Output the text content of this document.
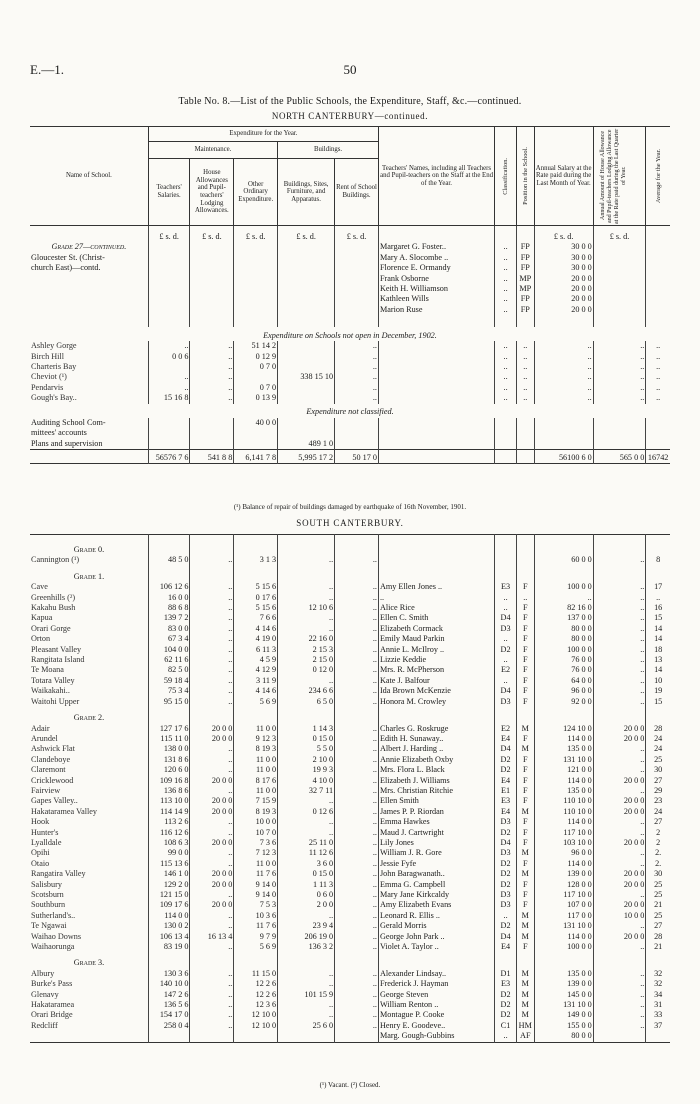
E.—1.	50
Table No. 8.—List of the Public Schools, the Expenditure, Staff, &c.—continued.
NORTH CANTERBURY—continued.
Name of School.	Expenditure for the Year.					Teachers' Names, including all Teachers and Pupil-teachers on the Staff at the End of the Year.	Classification.	Position in the School.	Annual Salary at the Rate paid during the Last Month of Year.	Annual Amount of House Allowance and Pupil-teachers Lodging Allowance at the Rate paid during the Last Quarter of Year.	Average for the Year.

	Maintenance.			Buildings.							
	Teachers' Salaries.	House Allowances and Pupil-teachers' Lodging Allowances.	Other Ordinary Expenditure.	Buildings, Sites, Furniture, and Apparatus.	Rent of School Buildings.						

	£ s. d.	£ s. d.	£ s. d.	£ s. d.	£ s. d.				£ s. d.	£ s. d.	
Grade 27—continued.						Margaret G. Foster..	..	FP	30 0 0		
Gloucester St. (Christ-						Mary A. Slocombe ..	..	FP	30 0 0		
church East)—contd.						Florence E. Ormandy	..	FP	30 0 0		
						Frank Osborne	..	MP	20 0 0		
						Keith H. Williamson	..	MP	20 0 0		
						Kathleen Wills	..	FP	20 0 0		
						Marion Ruse	..	FP	20 0 0		

Expenditure on Schools not open in December, 1902.											
Ashley Gorge	..	..	51 14 2		..		..	..	..	..	..
Birch Hill	0 0 6	..	0 12 9		..		..	..	..	..	..
Charteris Bay		..	0 7 0		..		..	..	..	..	..
Cheviot (¹)	..	..		338 15 10	..		..	..	..	..	..
Pendarvis	..	..	0 7 0		..		..	..	..	..	..
Gough's Bay..	15 16 8	..	0 13 9		..		..	..	..	..	..
Expenditure not classified.											
Auditing School Com-			40 0 0								
mittees' accounts											
Plans and supervision				489 1 0							
	56576 7 6	541 8 8	6,141 7 8	5,995 17 2	50 17 0				56100 6 0	565 0 0	16742
(¹) Balance of repair of buildings damaged by earthquake of 16th November, 1901.
SOUTH CANTERBURY.

Grade 0.											
Cannington (¹)	48 5 0	..	3 1 3	..	..				60 0 0	..	8

Grade 1.											
Cave	106 12 6	..	5 15 6	..	..	Amy Ellen Jones ..	E3	F	100 0 0	..	17
Greenhills (²)	16 0 0	..	0 17 6	..	..	..	..	..	..	..	..
Kakahu Bush	88 6 8	..	5 15 6	12 10 6	..	Alice Rice	..	F	82 16 0	..	16
Kapua	139 7 2	..	7 6 6	..	..	Ellen C. Smith	D4	F	137 0 0	..	15
Orari Gorge	83 0 0	..	4 14 6	..	..	Elizabeth Cormack	D3	F	80 0 0	..	14
Orton	67 3 4	..	4 19 0	22 16 0	..	Emily Maud Parkin	..	F	80 0 0	..	14
Pleasant Valley	104 0 0	..	6 11 3	2 15 3	..	Annie L. McIlroy ..	D2	F	100 0 0	..	18
Rangitata Island	62 11 6	..	4 5 9	2 15 0	..	Lizzie Keddie	..	F	76 0 0	..	13
Te Moana	82 5 0	..	4 12 9	0 12 0	..	Mrs. R. McPherson	E2	F	76 0 0	..	14
Totara Valley	59 18 4	..	3 11 9	..	..	Kate J. Balfour	..	F	64 0 0	..	10
Waikakahi..	75 3 4	..	4 14 6	234 6 6	..	Ida Brown McKenzie	D4	F	96 0 0	..	19
Waitohi Upper	95 15 0	..	5 6 9	6 5 0	..	Honora M. Crowley	D3	F	92 0 0	..	15

Grade 2.											
Adair	127 17 6	20 0 0	11 0 0	1 14 3	..	Charles G. Roskruge	E2	M	124 10 0	20 0 0	28
Arundel	115 11 0	20 0 0	9 12 3	0 15 0	..	Edith H. Sunaway..	E4	F	114 0 0	20 0 0	24
Ashwick Flat	138 0 0	..	8 19 3	5 5 0	..	Albert J. Harding ..	D4	M	135 0 0	..	24
Clandeboye	131 8 6	..	11 0 0	2 10 0	..	Annie Elizabeth Oxby	D2	F	131 10 0	..	25
Claremont	120 6 0	..	11 0 0	19 9 3	..	Mrs. Flora L. Black	D2	F	121 0 0	..	30
Cricklewood	109 16 8	20 0 0	8 17 6	4 10 0	..	Elizabeth J. Williams	E4	F	114 0 0	20 0 0	27
Fairview	136 8 6	..	11 0 0	32 7 11	..	Mrs. Christian Ritchie	E1	F	135 0 0	..	29
Gapes Valley..	113 10 0	20 0 0	7 15 9	..	..	Ellen Smith	E3	F	110 10 0	20 0 0	23
Hakataramea Valley	114 14 9	20 0 0	8 19 3	0 12 6	..	James P. P. Riordan	E4	M	110 10 0	20 0 0	24
Hook	113 2 6	..	10 0 0	..	..	Emma Hawkes	D3	F	114 0 0	..	27
Hunter's	116 12 6	..	10 7 0	..	..	Maud J. Cartwright	D2	F	117 10 0	..	2
Lyalldale	108 6 3	20 0 0	7 3 6	25 11 0	..	Lily Jones	D4	F	103 10 0	20 0 0	2
Opihi	99 0 0	..	7 12 3	11 12 6	..	William J. R. Gore	D3	M	96 0 0	..	2.
Otaio	115 13 6	..	11 0 0	3 6 0	..	Jessie Fyfe	D2	F	114 0 0	..	2.
Rangatira Valley	146 1 0	20 0 0	11 7 6	0 15 0	..	John Baragwanath..	D2	M	139 0 0	20 0 0	30
Salisbury	129 2 0	20 0 0	9 14 0	1 11 3	..	Emma G. Campbell	D2	F	128 0 0	20 0 0	25
Scotsburn	121 15 0	..	9 14 0	0 6 0	..	Mary Jane Kirkcaldy	D3	F	117 10 0	..	25
Southburn	109 17 6	20 0 0	7 5 3	2 0 0	..	Amy Elizabeth Evans	D3	F	107 0 0	20 0 0	21
Sutherland's..	114 0 0	..	10 3 6	..	..	Leonard R. Ellis ..	..	M	117 0 0	10 0 0	25
Te Ngawai	130 0 2	..	11 7 6	23 9 4	..	Gerald Morris	D2	M	131 10 0	..	27
Waihao Downs	106 13 4	16 13 4	9 7 9	206 19 0	..	George John Park ..	D4	M	114 0 0	20 0 0	28
Waihaorunga	83 19 0	..	5 6 9	136 3 2	..	Violet A. Taylor ..	E4	F	100 0 0	..	21

Grade 3.											
Albury	130 3 6	..	11 15 0	..	..	Alexander Lindsay..	D1	M	135 0 0	..	32
Burke's Pass	140 10 0	..	12 2 6	..	..	Frederick J. Hayman	E3	M	139 0 0	..	32
Glenavy	147 2 6	..	12 2 6	101 15 9	..	George Steven	D2	M	145 0 0	..	34
Hakataramea	136 5 6	..	12 3 6	..	..	William Renton ..	D2	M	131 10 0	..	31
Orari Bridge	154 17 0	..	12 10 0	..	..	Montague P. Cooke	D2	M	149 0 0	..	33
Redcliff	258 0 4	..	12 10 0	25 6 0	..	Henry E. Goodeve..	C1	HM	155 0 0	..	37
						Marg. Gough-Gubbins	..	AF	80 0 0		

(¹) Vacant. (²) Closed.
